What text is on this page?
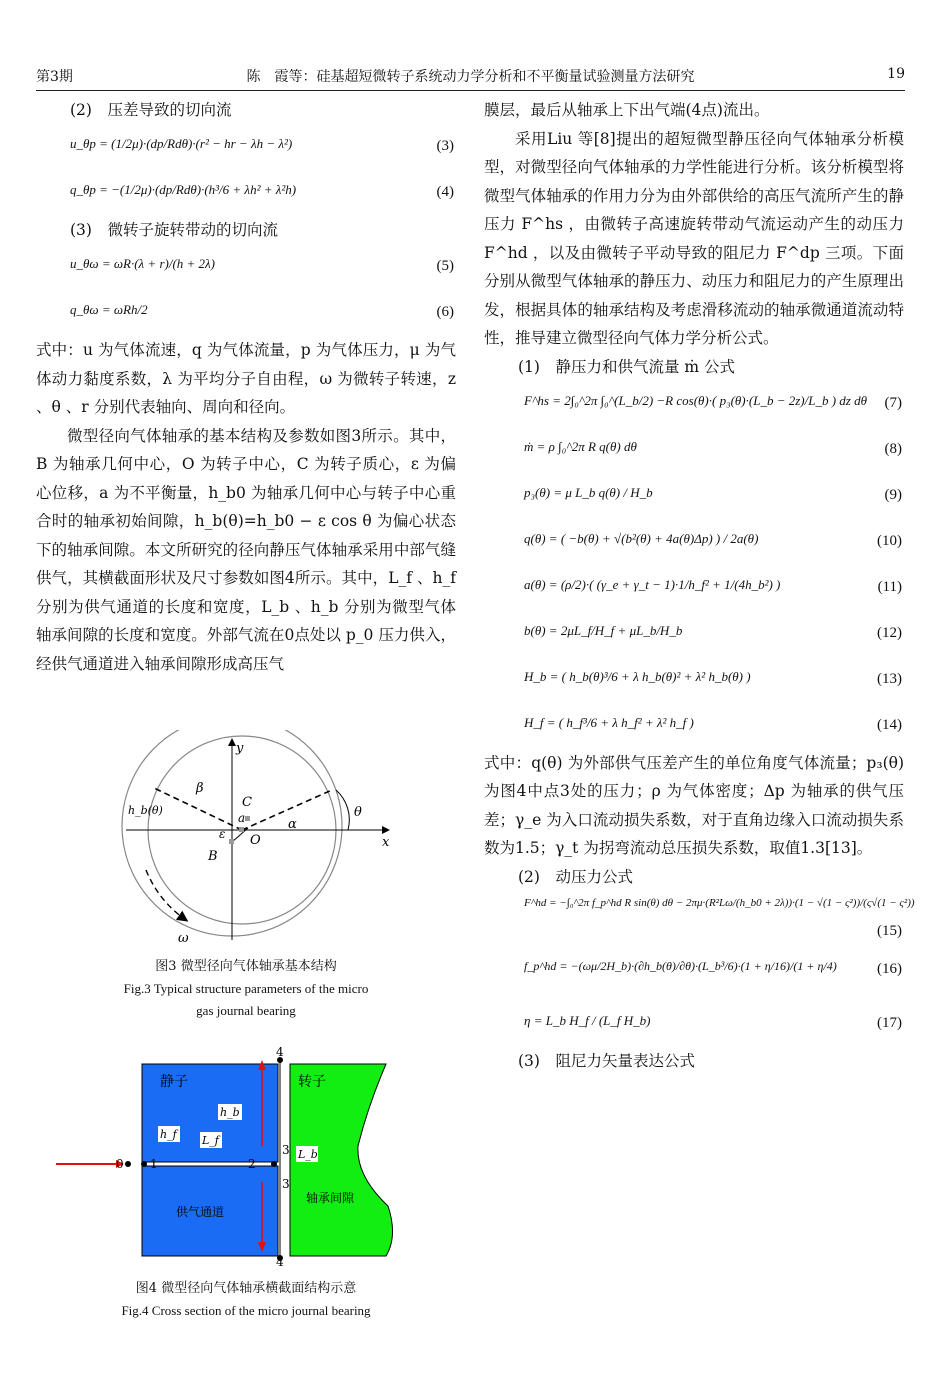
第3期	陈　霞等：硅基超短微转子系统动力学分析和不平衡量试验测量方法研究	19
(2)　压差导致的切向流
u_θp = (1/2μ)·(dp/Rdθ)·(r² − hr − λh − λ²)	(3)
q_θp = −(1/2μ)·(dp/Rdθ)·(h³/6 + λh² + λ²h)	(4)
(3)　微转子旋转带动的切向流
u_θω = ωR·(λ + r)/(h + 2λ)	(5)
q_θω = ωRh/2	(6)

式中：u 为气体流速，q 为气体流量，p 为气体压力，μ 为气体动力黏度系数，λ 为平均分子自由程，ω 为微转子转速，z 、θ 、r 分别代表轴向、周向和径向。

微型径向气体轴承的基本结构及参数如图3所示。其中，B 为轴承几何中心，O 为转子中心，C 为转子质心，ε 为偏心位移，a 为不平衡量，h_b0 为轴承几何中心与转子中心重合时的轴承初始间隙，h_b(θ)=h_b0 − ε cos θ 为偏心状态下的轴承间隙。本文所研究的径向静压气体轴承采用中部气缝供气，其横截面形状及尺寸参数如图4所示。其中，L_f 、h_f 分别为供气通道的长度和宽度，L_b 、h_b 分别为微型气体轴承间隙的长度和宽度。外部气流在0点处以 p_0 压力供入，经供气通道进入轴承间隙形成高压气

y
x
β
C
a	α
θ
h_b(θ)
ε O
B
ω
图3 微型径向气体轴承基本结构
Fig.3 Typical structure parameters of the micro
gas journal bearing
静子	转子
供气通道
轴承间隙
h_b
h_f L_f
L_b
0 1	2
3
3
4
4
图4 微型径向气体轴承横截面结构示意
Fig.4 Cross section of the micro journal bearing

膜层，最后从轴承上下出气端(4点)流出。

采用Liu 等[8]提出的超短微型静压径向气体轴承分析模型，对微型径向气体轴承的力学性能进行分析。该分析模型将微型气体轴承的作用力分为由外部供给的高压气流所产生的静压力 F^hs ，由微转子高速旋转带动气流运动产生的动压力 F^hd ，以及由微转子平动导致的阻尼力 F^dp 三项。下面分别从微型气体轴承的静压力、动压力和阻尼力的产生原理出发，根据具体的轴承结构及考虑滑移流动的轴承微通道流动特性，推导建立微型径向气体力学分析公式。

(1)　静压力和供气流量 ṁ 公式
F^hs = 2∫₀^2π ∫₀^(L_b/2) −R cos(θ)·( p₃(θ)·(L_b − 2z)/L_b ) dz dθ (7)
ṁ = ρ ∫₀^2π R q(θ) dθ	(8)
p₃(θ) = μ L_b q(θ) / H_b	(9)
q(θ) = ( −b(θ) + √(b²(θ) + 4a(θ)Δp) ) / 2a(θ)	(10)
a(θ) = (ρ/2)·( (γ_e + γ_t − 1)·1/h_f² + 1/(4h_b²) )	(11)
b(θ) = 2μL_f/H_f + μL_b/H_b	(12)
H_b = ( h_b(θ)³/6 + λ h_b(θ)² + λ² h_b(θ) )	(13)
H_f = ( h_f³/6 + λ h_f² + λ² h_f )	(14)

式中：q(θ) 为外部供气压差产生的单位角度气体流量；p₃(θ) 为图4中点3处的压力；ρ 为气体密度；Δp 为轴承的供气压差；γ_e 为入口流动损失系数，对于直角边缘入口流动损失系数为1.5；γ_t 为拐弯流动总压损失系数，取值1.3[13]。

(2)　动压力公式
F^hd = −∫₀^2π f_p^hd R sin(θ) dθ − 2πμ·(R²Lω/(h_b0 + 2λ))·(1 − √(1 − ς²))/(ς√(1 − ς²))
(15)
f_p^hd = −(ωμ/2H_b)·(∂h_b(θ)/∂θ)·(L_b³/6)·(1 + η/16)/(1 + η/4)	(16)
η = L_b H_f / (L_f H_b)	(17)
(3)　阻尼力矢量表达公式
